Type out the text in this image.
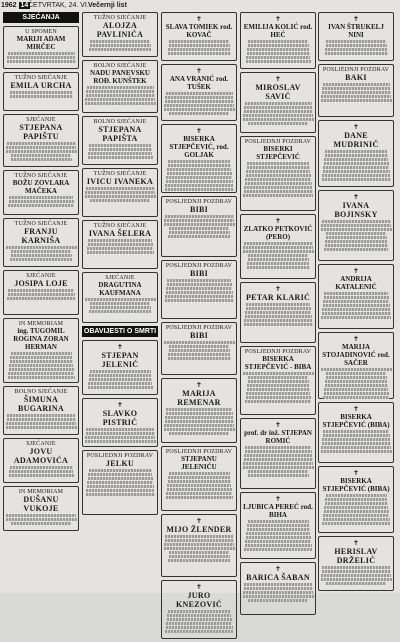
1962 14 ČETVRTAK, 24. VI. Večernji list
SJEĆANJA
U SPOMEN
MARIJI ADAM MIRČEC
TUŽNO SJEĆANJE
EMILA URCHA
SJEĆANJE
STJEPANA PAPIŠTU
TUŽNO SJEĆANJE
BOŽU ZOVLARA MAČEKA
TUŽNO SJEĆANJE
FRANJU KARNIŠA
SJEĆANJE
JOSIPA LOJE
IN MEMORIAM
ing. TUGOMIL ROGINA ZORAN HERMAN
BOLNO SJEĆANJE
ŠIMUNA BUGARINA
SJEĆANJE
JOVU ADAMOVIĆA
IN MEMORIAM
DUŠANU VUKOJE
TUŽNO SJEĆANJE
ALOJZA PAVLINIĆA
BOLNO SJEĆANJE
NADU PANEVSKU ROĐ. KUNŠTEK
BOLNO SJEĆANJE
STJEPANA PAPIŠTA
TUŽNO SJEĆANJE
IVICU IVANEKA
TUŽNO SJEĆANJE
IVANA ŠELERA
SJEĆANJE
DRAGUTINA KAUFMANA
OBAVIJESTI O SMRTI
✝
STJEPAN JELENIĆ
✝
SLAVKO PISTRIĆ
POSLJEDNJI POZDRAV
JELKU
✝
SLAVA TOMIEK rod. KOVAČ
✝
ANA VRANIĆ rod. TUŠEK
✝
BISERKA STJEPČEVIĆ, rod. GOLJAK
POSLJEDNJI POZDRAV
BIBI
POSLJEDNJI POZDRAV
BIBI
POSLJEDNJI POZDRAV
BIBI
✝
MARIJA REMENAR
POSLJEDNJI POZDRAV
STJEPANU JELENIĆU
✝
MIJO ŽLENDER
✝
JURO KNEZOVIĆ
✝
EMILIJA KOLIĆ rod. HEĆ
✝
MIROSLAV SAVIĆ
POSLJEDNJI POZDRAV
BISERKI STJEPČEVIĆ
✝
ZLATKO PETKOVIĆ (PERO)
✝
PETAR KLARIĆ
POSLJEDNJI POZDRAV
BISERKA STJEPČEVIĆ - BIBA
✝
prof. dr inž. STJEPAN ROMIĆ
✝
LJUBICA PEREĆ rod. BIHA
✝
BARICA ŠABAN
✝
IVAN ŠTRUKELJ NINI
POSLJEDNJI POZDRAV
BAKI
✝
DANE MUDRINIĆ
✝
IVANA BOJINSKY
✝
ANDRIJA KATALENIĆ
✝
MARIJA STOJADINOVIĆ rod. SAČER
✝
BISERKA STJEPČEVIĆ (BIBA)
✝
BISERKA STJEPČEVIĆ (BIBA)
✝
HERISLAV DRŽELIĆ
